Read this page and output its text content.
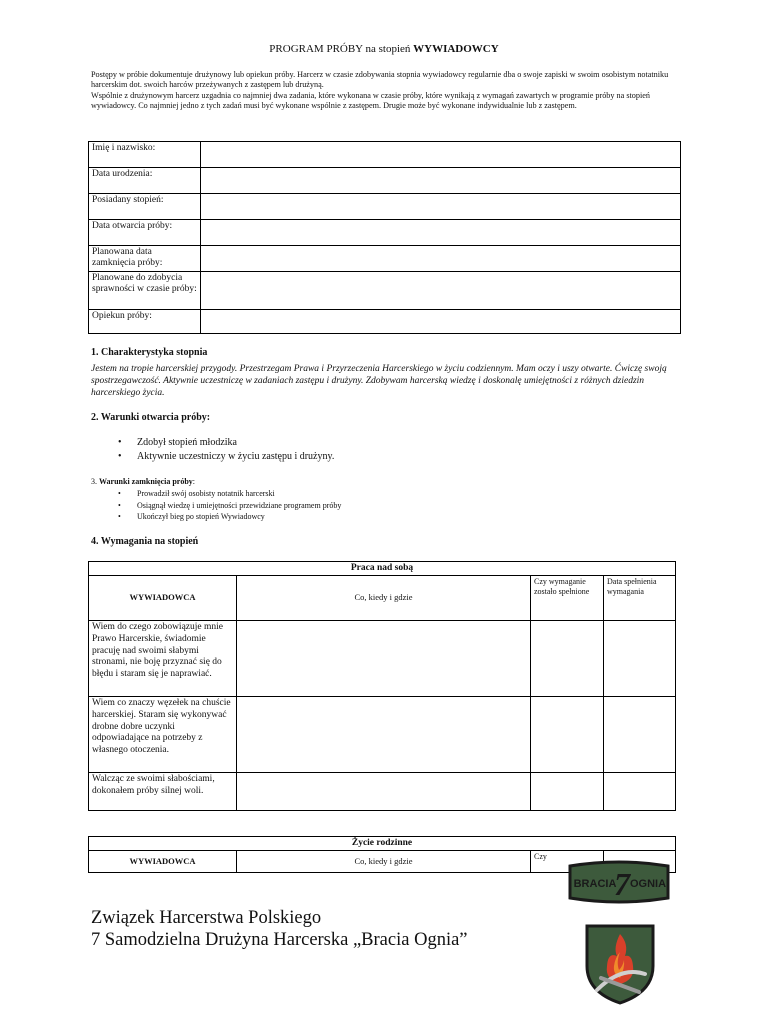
PROGRAM PRÓBY na stopień WYWIADOWCY

Postępy w próbie dokumentuje drużynowy lub opiekun próby. Harcerz w czasie zdobywania stopnia wywiadowcy regularnie dba o swoje zapiski w swoim osobistym notatniku harcerskim dot. swoich harców przeżywanych z zastępem lub drużyną.

Wspólnie z drużynowym harcerz uzgadnia co najmniej dwa zadania, które wykonana w czasie próby, które wynikają z wymagań zawartych w programie próby na stopień wywiadowcy. Co najmniej jedno z tych zadań musi być wykonane wspólnie z zastępem. Drugie może być wykonane indywidualnie lub z zastępem.

Imię i nazwisko:	
Data urodzenia:	
Posiadany stopień:	
Data otwarcia próby:	
Planowana data zamknięcia próby:	
Planowane do zdobycia sprawności w czasie próby:	
Opiekun próby:	
1. Charakterystyka stopnia
Jestem na tropie harcerskiej przygody. Przestrzegam Prawa i Przyrzeczenia Harcerskiego w życiu codziennym. Mam oczy i uszy otwarte. Ćwiczę swoją spostrzegawczość. Aktywnie uczestniczę w zadaniach zastępu i drużyny. Zdobywam harcerską wiedzę i doskonalę umiejętności z różnych dziedzin harcerskiego życia.
2. Warunki otwarcia próby:
• Zdobył stopień młodzika
• Aktywnie uczestniczy w życiu zastępu i drużyny.
3. Warunki zamknięcia próby:
• Prowadził swój osobisty notatnik harcerski
• Osiągnął wiedzę i umiejętności przewidziane programem próby
• Ukończył bieg po stopień Wywiadowcy
4. Wymagania na stopień
Praca nad sobą			
WYWIADOWCA	Co, kiedy i gdzie	Czy wymaganie zostało spełnione	Data spełnienia wymagania
Wiem do czego zobowiązuje mnie Prawo Harcerskie, świadomie pracuję nad swoimi słabymi stronami, nie boję przyznać się do błędu i staram się je naprawiać.			
Wiem co znaczy węzełek na chuście harcerskiej. Staram się wykonywać drobne dobre uczynki odpowiadające na potrzeby z własnego otoczenia.			
Walcząc ze swoimi słabościami, dokonałem próby silnej woli.			
Życie rodzinne
WYWIADOWCA	Co, kiedy i gdzie	Czy	
Związek Harcerstwa Polskiego
7 Samodzielna Drużyna Harcerska „Bracia Ognia”
BRACIA
7 OGNIA
